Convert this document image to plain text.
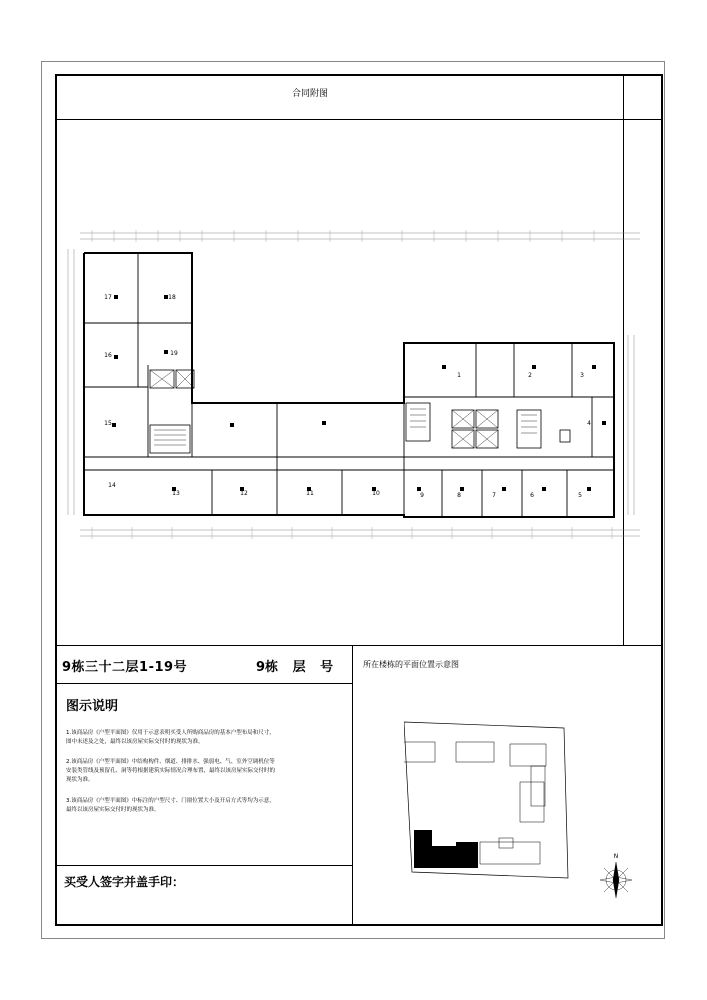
合同附图
9栋三十二层1-19号	9栋 层 号	所在楼栋的平面位置示意图
图示说明
1.该商品房《户型平面图》仅用于示意表明买受人所购商品房的基本户型布局和尺寸，图中未述及之处，最终以该房屋实际交付时的现状为准。
2.该商品房《户型平面图》中结构构件、烟道、排排水、强弱电、气、室外空调机位等安装类管线及预留孔、洞等将根据建筑实际情况合理布置，最终以该房屋实际交付时的现状为准。
3.该商品房《户型平面图》中标注的户型尺寸、门窗位置大小及开启方式等均为示意，最终以该房屋实际交付时的现状为准。
买受人签字并盖手印：
17	18
16	19
15
14
13	12	11	10	9	8	7	6	5
4
3
2
1
N
